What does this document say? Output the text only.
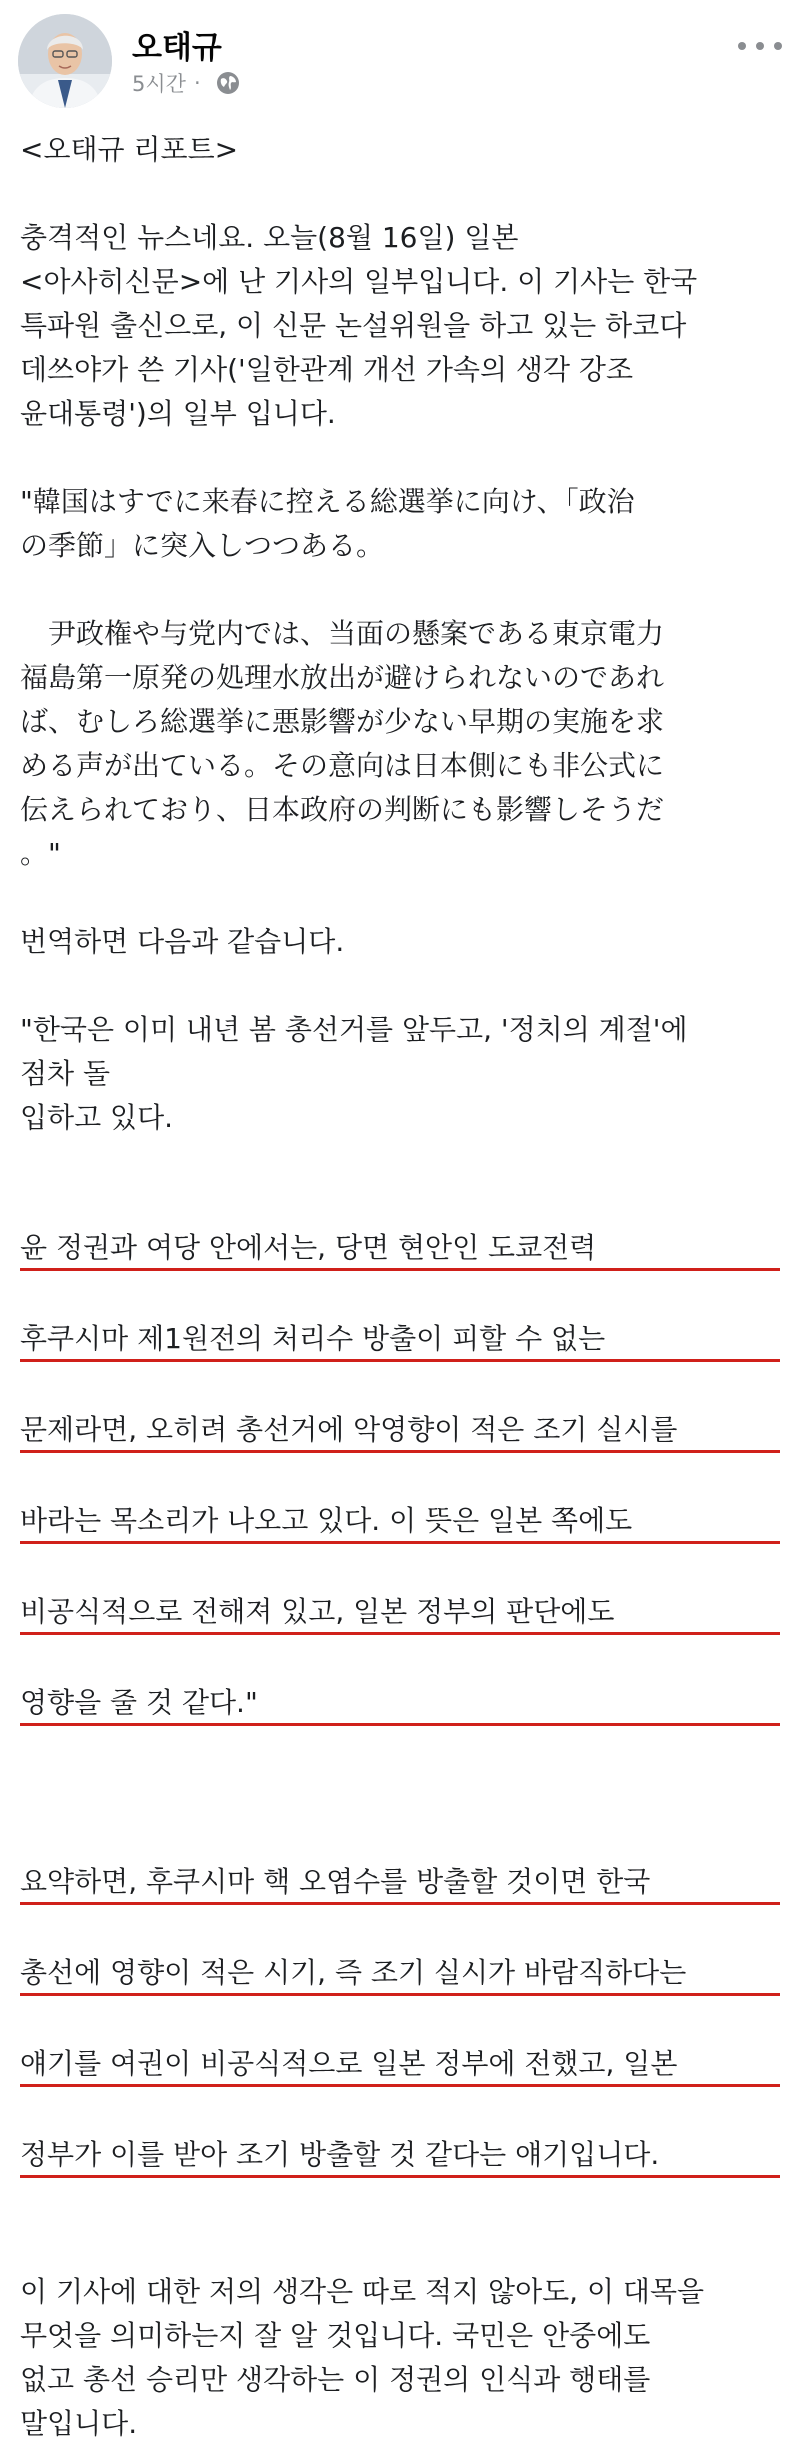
오태규
5시간 ·

<오태규 리포트>

충격적인 뉴스네요. 오늘(8월 16일) 일본
<아사히신문>에 난 기사의 일부입니다. 이 기사는 한국
특파원 출신으로, 이 신문 논설위원을 하고 있는 하코다
데쓰야가 쓴 기사('일한관계 개선 가속의 생각 강조
윤대통령')의 일부 입니다.

"韓国はすでに来春に控える総選挙に向け、「政治
の季節」に突入しつつある。

　尹政権や与党内では、当面の懸案である東京電力
福島第一原発の処理水放出が避けられないのであれ
ば、むしろ総選挙に悪影響が少ない早期の実施を求
める声が出ている。その意向は日本側にも非公式に
伝えられており、日本政府の判断にも影響しそうだ
。"

번역하면 다음과 같습니다.

"한국은 이미 내년 봄 총선거를 앞두고, '정치의 계절'에
점차 돌
입하고 있다.

윤 정권과 여당 안에서는, 당면 현안인 도쿄전력

후쿠시마 제1원전의 처리수 방출이 피할 수 없는

문제라면, 오히려 총선거에 악영향이 적은 조기 실시를

바라는 목소리가 나오고 있다. 이 뜻은 일본 쪽에도

비공식적으로 전해져 있고, 일본 정부의 판단에도

영향을 줄 것 같다."

요약하면, 후쿠시마 핵 오염수를 방출할 것이면 한국

총선에 영향이 적은 시기, 즉 조기 실시가 바람직하다는

얘기를 여권이 비공식적으로 일본 정부에 전했고, 일본

정부가 이를 받아 조기 방출할 것 같다는 얘기입니다.

이 기사에 대한 저의 생각은 따로 적지 않아도, 이 대목을
무엇을 의미하는지 잘 알 것입니다. 국민은 안중에도
없고 총선 승리만 생각하는 이 정권의 인식과 행태를
말입니다.
